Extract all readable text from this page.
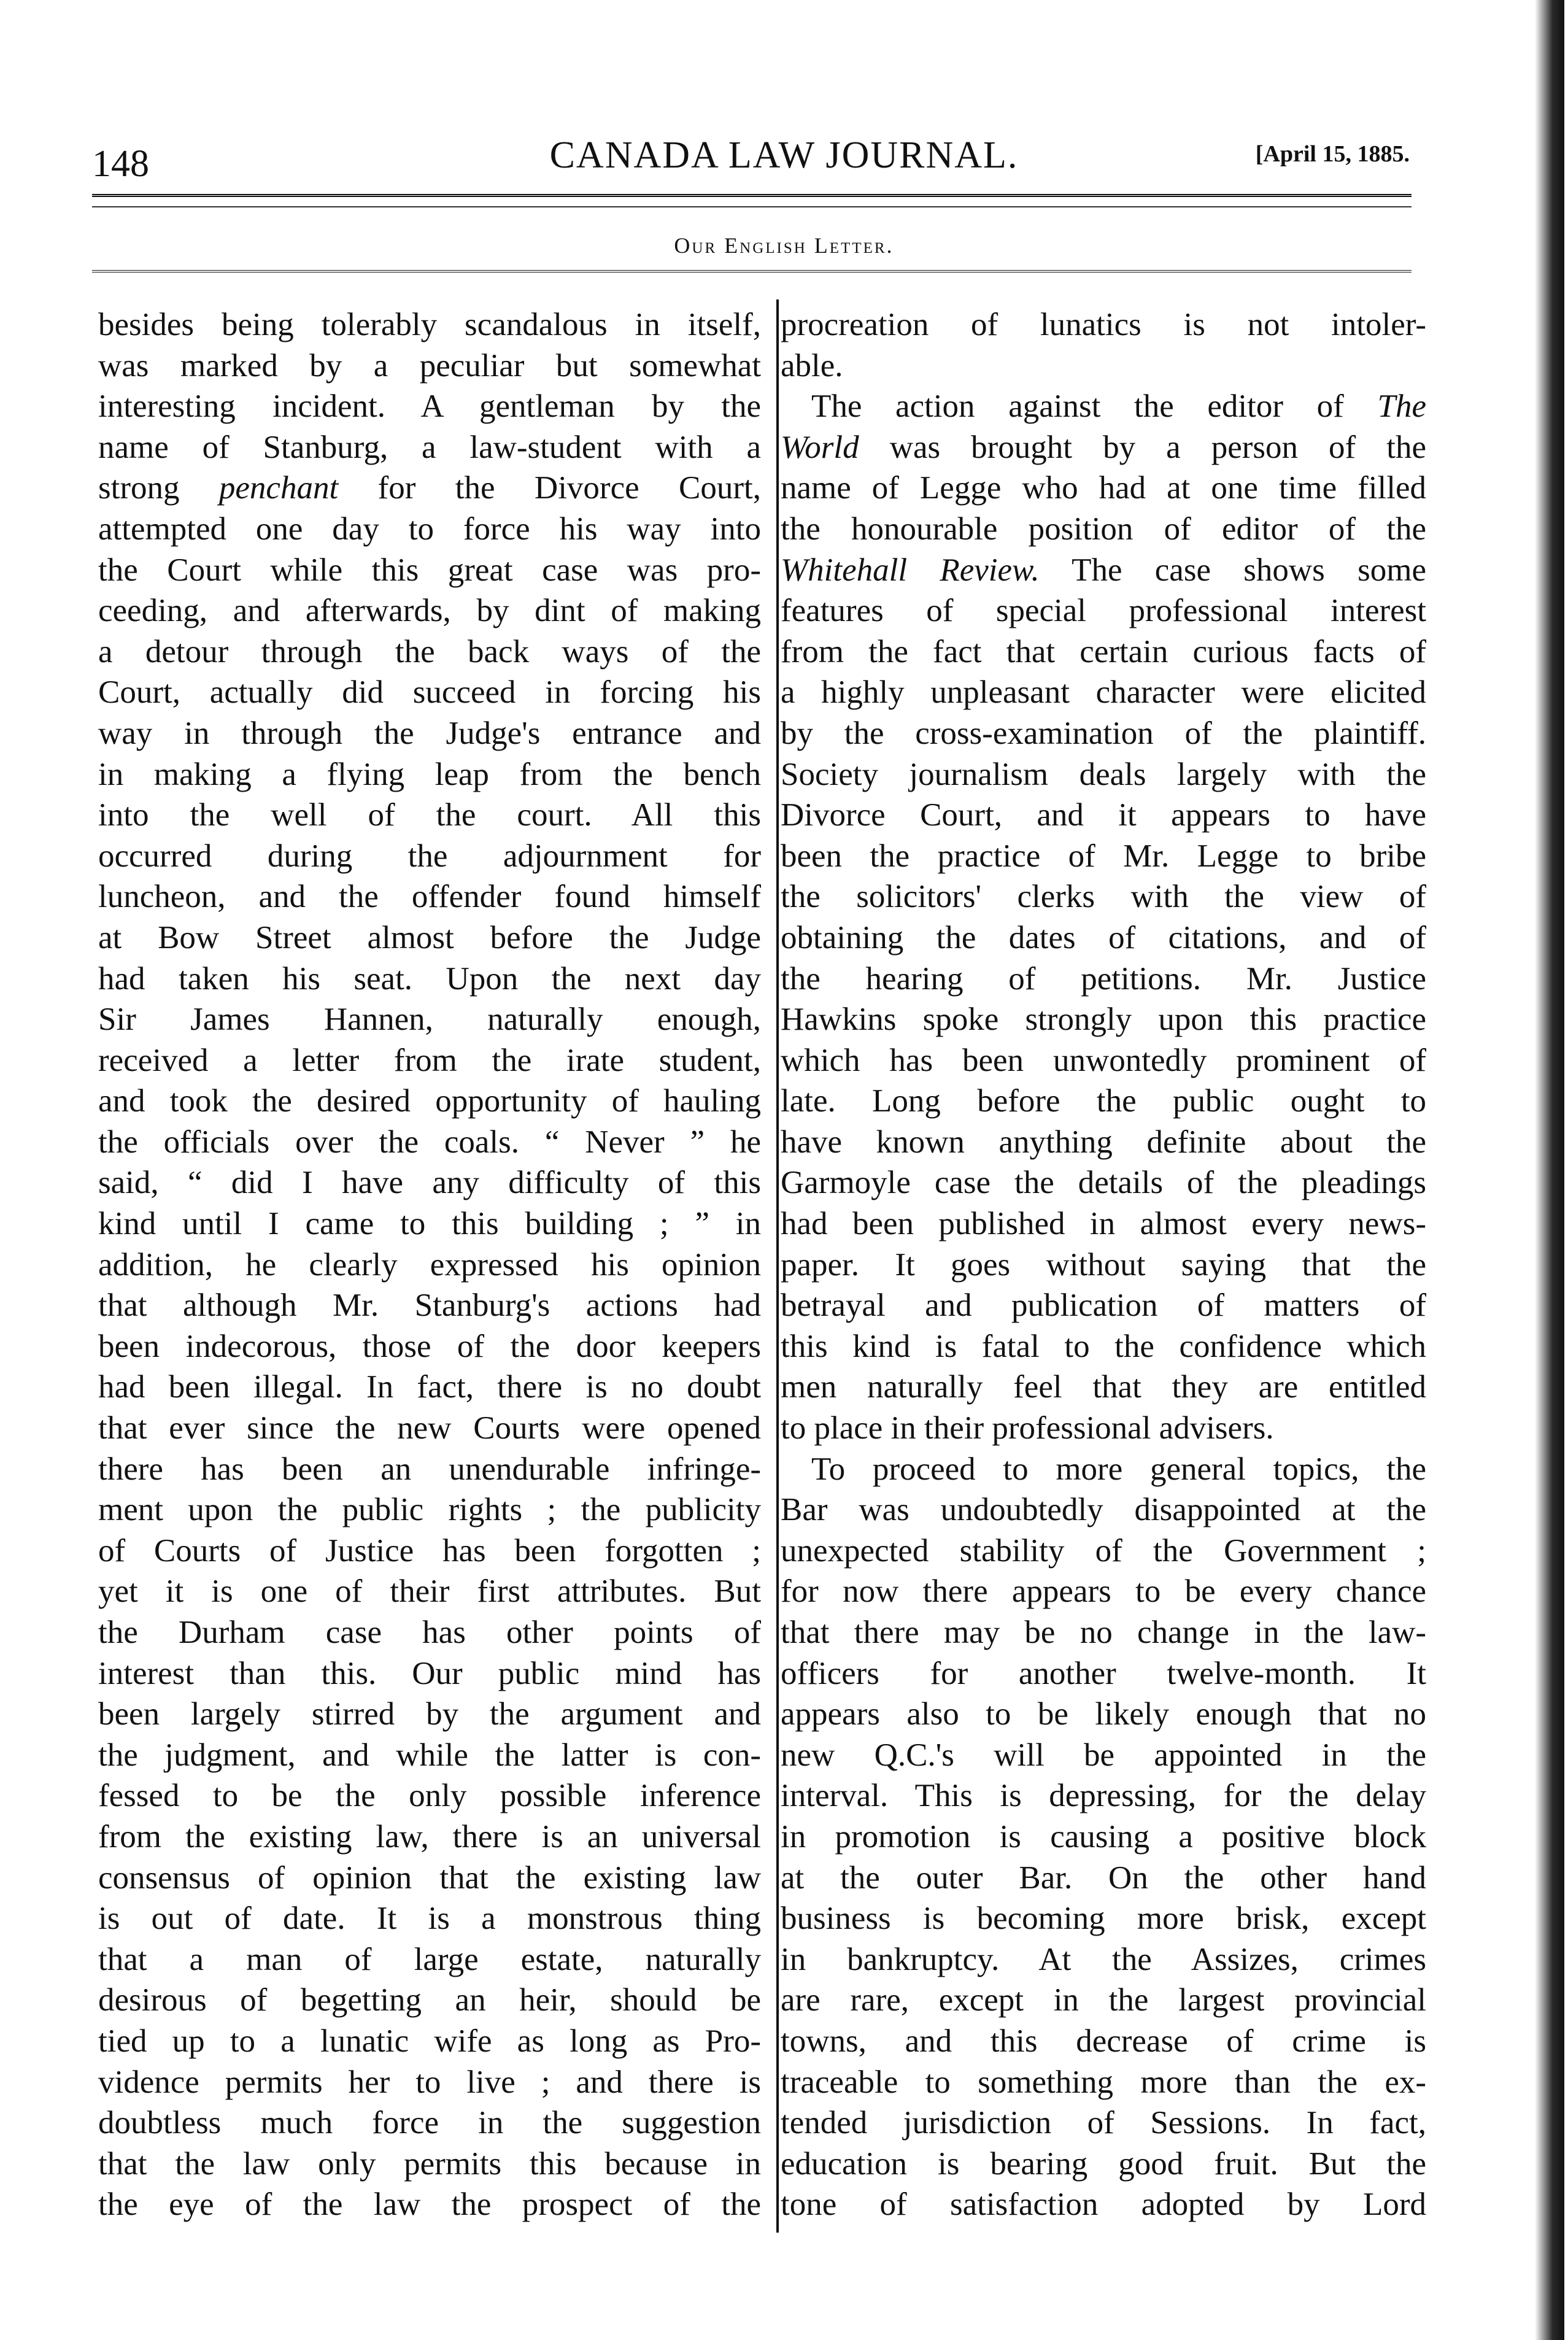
148	CANADA LAW JOURNAL.	[April 15, 1885.
Our English Letter.
besides being tolerably scandalous in itself,
was marked by a peculiar but somewhat
interesting incident. A gentleman by the
name of Stanburg, a law-student with a
strong penchant for the Divorce Court,
attempted one day to force his way into
the Court while this great case was pro-
ceeding, and afterwards, by dint of making
a detour through the back ways of the
Court, actually did succeed in forcing his
way in through the Judge's entrance and
in making a flying leap from the bench
into the well of the court. All this
occurred during the adjournment for
luncheon, and the offender found himself
at Bow Street almost before the Judge
had taken his seat. Upon the next day
Sir James Hannen, naturally enough,
received a letter from the irate student,
and took the desired opportunity of hauling
the officials over the coals. “ Never ” he
said, “ did I have any difficulty of this
kind until I came to this building ; ” in
addition, he clearly expressed his opinion
that although Mr. Stanburg's actions had
been indecorous, those of the door keepers
had been illegal. In fact, there is no doubt
that ever since the new Courts were opened
there has been an unendurable infringe-
ment upon the public rights ; the publicity
of Courts of Justice has been forgotten ;
yet it is one of their first attributes. But
the Durham case has other points of
interest than this. Our public mind has
been largely stirred by the argument and
the judgment, and while the latter is con-
fessed to be the only possible inference
from the existing law, there is an universal
consensus of opinion that the existing law
is out of date. It is a monstrous thing
that a man of large estate, naturally
desirous of begetting an heir, should be
tied up to a lunatic wife as long as Pro-
vidence permits her to live ; and there is
doubtless much force in the suggestion
that the law only permits this because in
the eye of the law the prospect of the
procreation of lunatics is not intoler-
able.
The action against the editor of The
World was brought by a person of the
name of Legge who had at one time filled
the honourable position of editor of the
Whitehall Review. The case shows some
features of special professional interest
from the fact that certain curious facts of
a highly unpleasant character were elicited
by the cross-examination of the plaintiff.
Society journalism deals largely with the
Divorce Court, and it appears to have
been the practice of Mr. Legge to bribe
the solicitors' clerks with the view of
obtaining the dates of citations, and of
the hearing of petitions. Mr. Justice
Hawkins spoke strongly upon this practice
which has been unwontedly prominent of
late. Long before the public ought to
have known anything definite about the
Garmoyle case the details of the pleadings
had been published in almost every news-
paper. It goes without saying that the
betrayal and publication of matters of
this kind is fatal to the confidence which
men naturally feel that they are entitled
to place in their professional advisers.
To proceed to more general topics, the
Bar was undoubtedly disappointed at the
unexpected stability of the Government ;
for now there appears to be every chance
that there may be no change in the law-
officers for another twelve-month. It
appears also to be likely enough that no
new Q.C.'s will be appointed in the
interval. This is depressing, for the delay
in promotion is causing a positive block
at the outer Bar. On the other hand
business is becoming more brisk, except
in bankruptcy. At the Assizes, crimes
are rare, except in the largest provincial
towns, and this decrease of crime is
traceable to something more than the ex-
tended jurisdiction of Sessions. In fact,
education is bearing good fruit. But the
tone of satisfaction adopted by Lord
